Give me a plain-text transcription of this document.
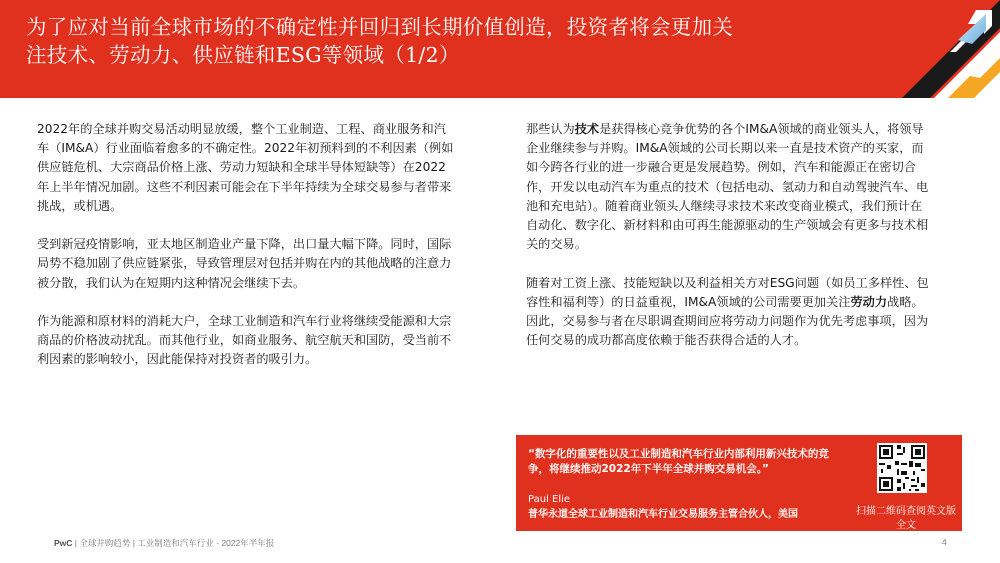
为了应对当前全球市场的不确定性并回归到长期价值创造，投资者将会更加关
注技术、劳动力、供应链和ESG等领域（1/2）

2022年的全球并购交易活动明显放缓，整个工业制造、工程、商业服务和汽车（IM&A）行业面临着愈多的不确定性。2022年初预料到的不利因素（例如供应链危机、大宗商品价格上涨、劳动力短缺和全球半导体短缺等）在2022年上半年情况加剧。这些不利因素可能会在下半年持续为全球交易参与者带来挑战，或机遇。

受到新冠疫情影响，亚太地区制造业产量下降，出口量大幅下降。同时，国际局势不稳加剧了供应链紧张，导致管理层对包括并购在内的其他战略的注意力被分散，我们认为在短期内这种情况会继续下去。

作为能源和原材料的消耗大户，全球工业制造和汽车行业将继续受能源和大宗商品的价格波动扰乱。而其他行业，如商业服务、航空航天和国防，受当前不利因素的影响较小，因此能保持对投资者的吸引力。

那些认为技术是获得核心竞争优势的各个IM&A领域的商业领头人，将领导企业继续参与并购。IM&A领域的公司长期以来一直是技术资产的买家，而如今跨各行业的进一步融合更是发展趋势。例如，汽车和能源正在密切合作，开发以电动汽车为重点的技术（包括电动、氢动力和自动驾驶汽车、电池和充电站）。随着商业领头人继续寻求技术来改变商业模式，我们预计在自动化、数字化、新材料和由可再生能源驱动的生产领域会有更多与技术相关的交易。

随着对工资上涨、技能短缺以及利益相关方对ESG问题（如员工多样性、包容性和福利等）的日益重视，IM&A领域的公司需要更加关注劳动力战略。因此，交易参与者在尽职调查期间应将劳动力问题作为优先考虑事项，因为任何交易的成功都高度依赖于能否获得合适的人才。

“数字化的重要性以及工业制造和汽车行业内部利用新兴技术的竞争，将继续推动2022年下半年全球并购交易机会。”
Paul Elie
普华永道全球工业制造和汽车行业交易服务主管合伙人，美国	扫描二维码查阅英文版全文
PwC | 全球并购趋势 | 工业制造和汽车行业 - 2022年半年报	4
